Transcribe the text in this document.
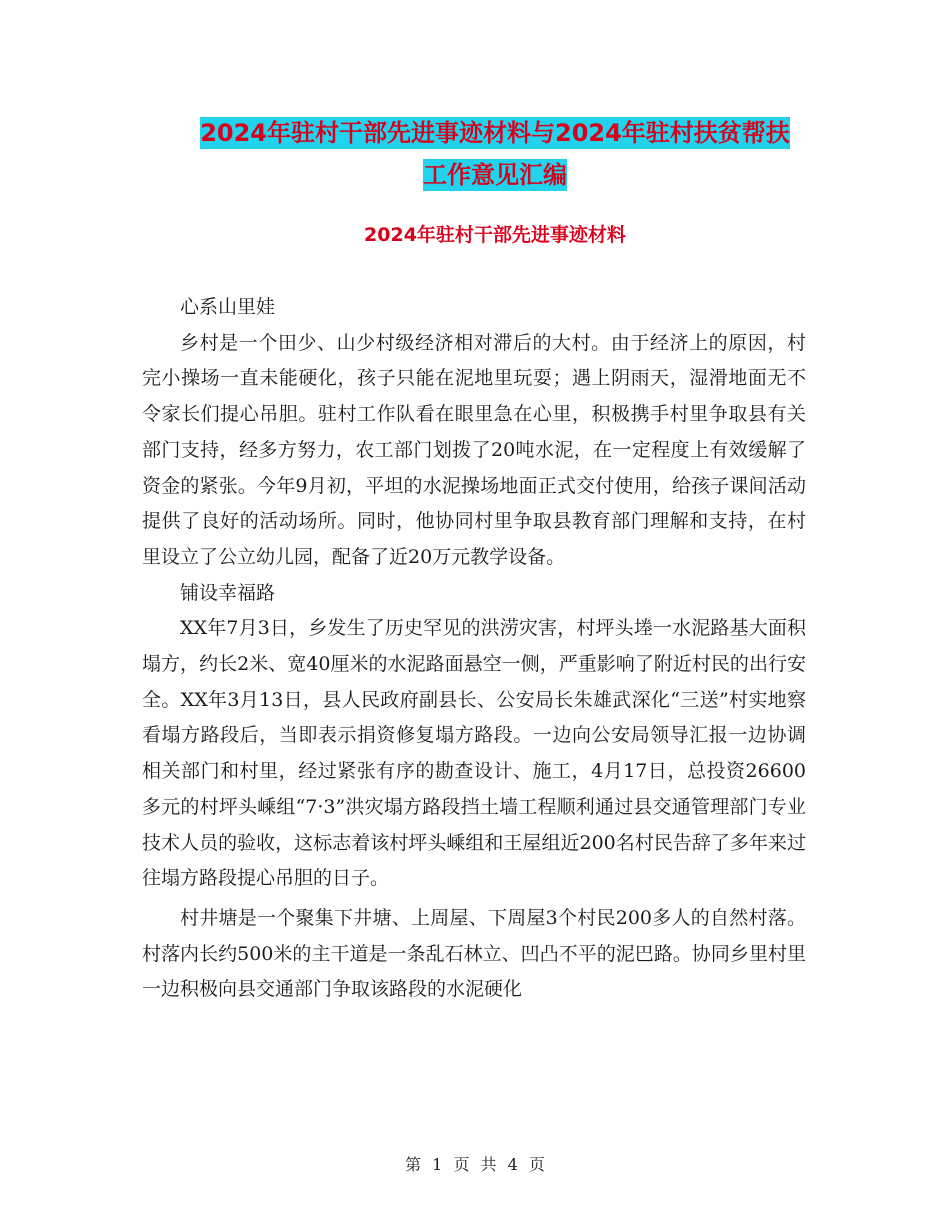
2024年驻村干部先进事迹材料与2024年驻村扶贫帮扶
工作意见汇编
2024年驻村干部先进事迹材料

心系山里娃

乡村是一个田少、山少村级经济相对滞后的大村。由于经济上的原因，村完小操场一直未能硬化，孩子只能在泥地里玩耍；遇上阴雨天，湿滑地面无不令家长们提心吊胆。驻村工作队看在眼里急在心里，积极携手村里争取县有关部门支持，经多方努力，农工部门划拨了20吨水泥，在一定程度上有效缓解了资金的紧张。今年9月初，平坦的水泥操场地面正式交付使用，给孩子课间活动提供了良好的活动场所。同时，他协同村里争取县教育部门理解和支持，在村里设立了公立幼儿园，配备了近20万元教学设备。

铺设幸福路

XX年7月3日，乡发生了历史罕见的洪涝灾害，村坪头堘一水泥路基大面积塌方，约长2米、宽40厘米的水泥路面悬空一侧，严重影响了附近村民的出行安全。XX年3月13日，县人民政府副县长、公安局长朱雄武深化“三送”村实地察看塌方路段后，当即表示捐资修复塌方路段。一边向公安局领导汇报一边协调相关部门和村里，经过紧张有序的勘查设计、施工，4月17日，总投资26600多元的村坪头嵊组“7·3”洪灾塌方路段挡土墙工程顺利通过县交通管理部门专业技术人员的验收，这标志着该村坪头嵊组和王屋组近200名村民告辞了多年来过往塌方路段提心吊胆的日子。

村井塘是一个聚集下井塘、上周屋、下周屋3个村民200多人的自然村落。村落内长约500米的主干道是一条乱石林立、凹凸不平的泥巴路。协同乡里村里一边积极向县交通部门争取该路段的水泥硬化

第 1 页 共 4 页
